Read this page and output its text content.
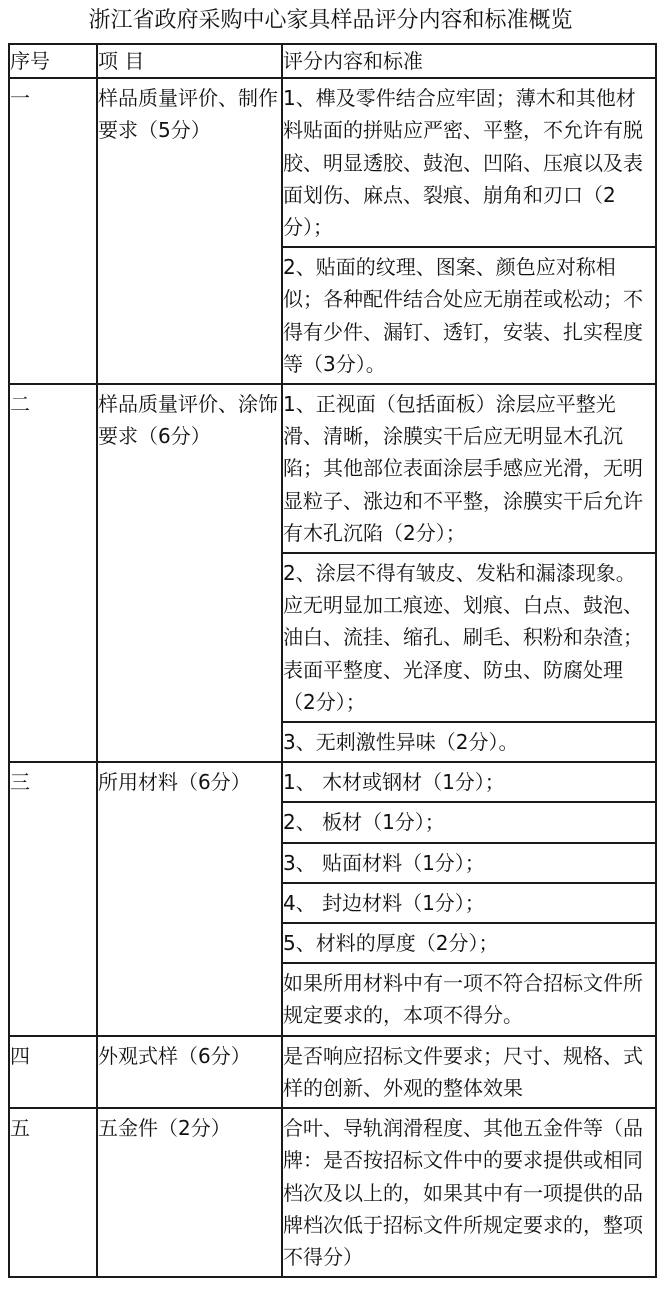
浙江省政府采购中心家具样品评分内容和标准概览
序号	项 目	评分内容和标准

一	样品质量评价、制作要求（5分）	1、榫及零件结合应牢固；薄木和其他材料贴面的拼贴应严密、平整，不允许有脱胶、明显透胶、鼓泡、凹陷、压痕以及表面划伤、麻点、裂痕、崩角和刃口（2分）；

		2、贴面的纹理、图案、颜色应对称相似；各种配件结合处应无崩茬或松动；不得有少件、漏钉、透钉，安装、扎实程度等（3分）。

二	样品质量评价、涂饰要求（6分）	1、正视面（包括面板）涂层应平整光滑、清晰，涂膜实干后应无明显木孔沉陷；其他部位表面涂层手感应光滑，无明显粒子、涨边和不平整，涂膜实干后允许有木孔沉陷（2分）；

		2、涂层不得有皱皮、发粘和漏漆现象。应无明显加工痕迹、划痕、白点、鼓泡、油白、流挂、缩孔、刷毛、积粉和杂渣；表面平整度、光泽度、防虫、防腐处理（2分）；

		3、无刺激性异味（2分）。

三	所用材料（6分）	1、 木材或钢材（1分）；

		2、 板材（1分）；

		3、 贴面材料（1分）；

		4、 封边材料（1分）；

		5、材料的厚度（2分）；

		如果所用材料中有一项不符合招标文件所规定要求的，本项不得分。

四	外观式样（6分）	是否响应招标文件要求；尺寸、规格、式样的创新、外观的整体效果

五	五金件（2分）	合叶、导轨润滑程度、其他五金件等（品牌：是否按招标文件中的要求提供或相同档次及以上的，如果其中有一项提供的品牌档次低于招标文件所规定要求的，整项不得分）
